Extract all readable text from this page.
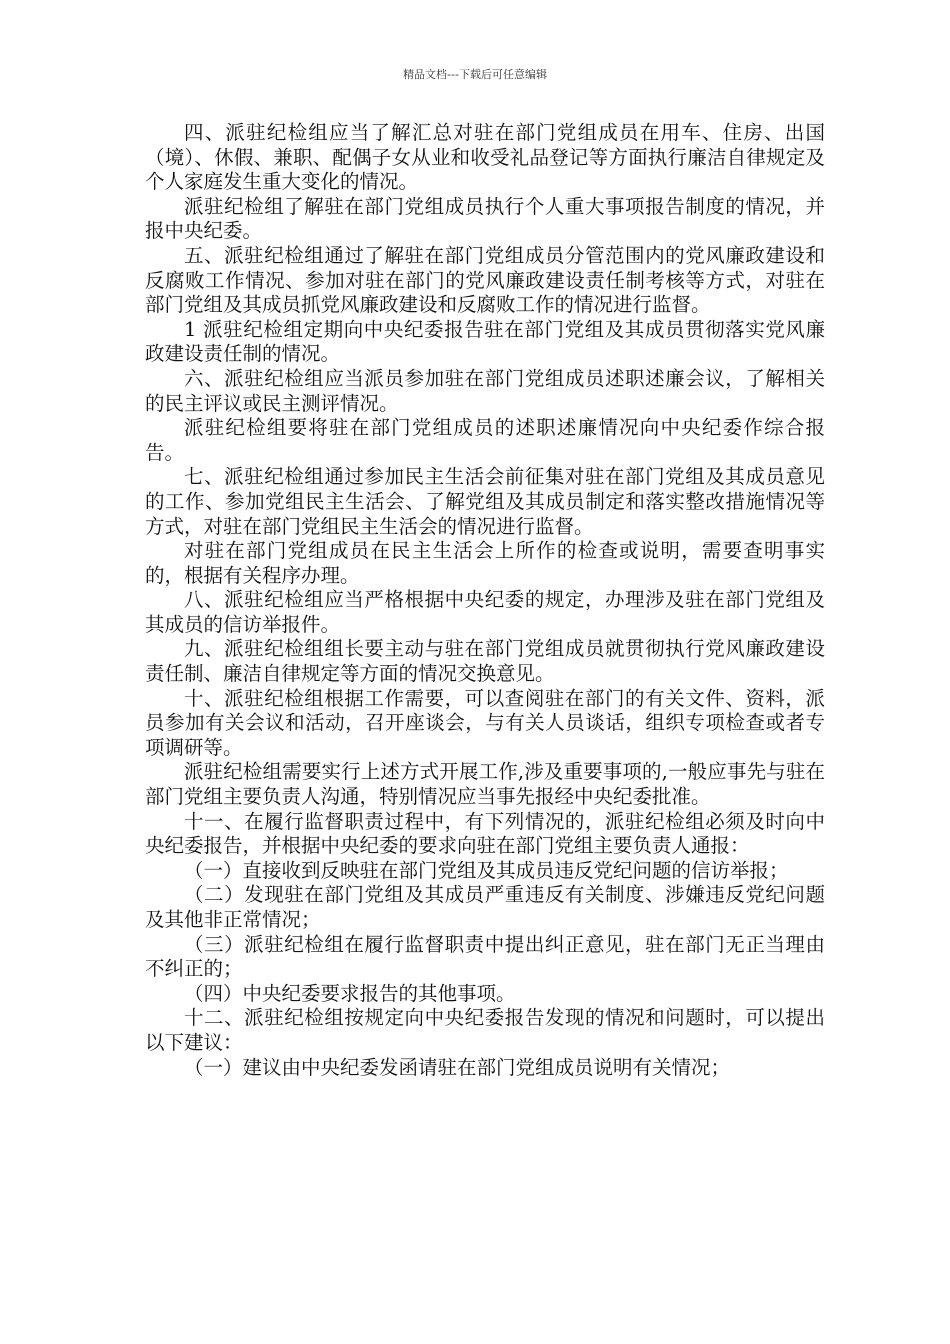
精品文档---下载后可任意编辑

四、派驻纪检组应当了解汇总对驻在部门党组成员在用车、住房、出国（境）、休假、兼职、配偶子女从业和收受礼品登记等方面执行廉洁自律规定及个人家庭发生重大变化的情况。

派驻纪检组了解驻在部门党组成员执行个人重大事项报告制度的情况，并报中央纪委。

五、派驻纪检组通过了解驻在部门党组成员分管范围内的党风廉政建设和反腐败工作情况、参加对驻在部门的党风廉政建设责任制考核等方式，对驻在部门党组及其成员抓党风廉政建设和反腐败工作的情况进行监督。

1 派驻纪检组定期向中央纪委报告驻在部门党组及其成员贯彻落实党风廉政建设责任制的情况。

六、派驻纪检组应当派员参加驻在部门党组成员述职述廉会议，了解相关的民主评议或民主测评情况。

派驻纪检组要将驻在部门党组成员的述职述廉情况向中央纪委作综合报告。

七、派驻纪检组通过参加民主生活会前征集对驻在部门党组及其成员意见的工作、参加党组民主生活会、了解党组及其成员制定和落实整改措施情况等方式，对驻在部门党组民主生活会的情况进行监督。

对驻在部门党组成员在民主生活会上所作的检查或说明，需要查明事实的，根据有关程序办理。

八、派驻纪检组应当严格根据中央纪委的规定，办理涉及驻在部门党组及其成员的信访举报件。

九、派驻纪检组组长要主动与驻在部门党组成员就贯彻执行党风廉政建设责任制、廉洁自律规定等方面的情况交换意见。

十、派驻纪检组根据工作需要，可以查阅驻在部门的有关文件、资料，派员参加有关会议和活动，召开座谈会，与有关人员谈话，组织专项检查或者专项调研等。

派驻纪检组需要实行上述方式开展工作,涉及重要事项的,一般应事先与驻在部门党组主要负责人沟通，特别情况应当事先报经中央纪委批准。

十一、在履行监督职责过程中，有下列情况的，派驻纪检组必须及时向中央纪委报告，并根据中央纪委的要求向驻在部门党组主要负责人通报：

（一）直接收到反映驻在部门党组及其成员违反党纪问题的信访举报；

（二）发现驻在部门党组及其成员严重违反有关制度、涉嫌违反党纪问题及其他非正常情况；

（三）派驻纪检组在履行监督职责中提出纠正意见，驻在部门无正当理由不纠正的；

（四）中央纪委要求报告的其他事项。

十二、派驻纪检组按规定向中央纪委报告发现的情况和问题时，可以提出以下建议：

（一）建议由中央纪委发函请驻在部门党组成员说明有关情况；
